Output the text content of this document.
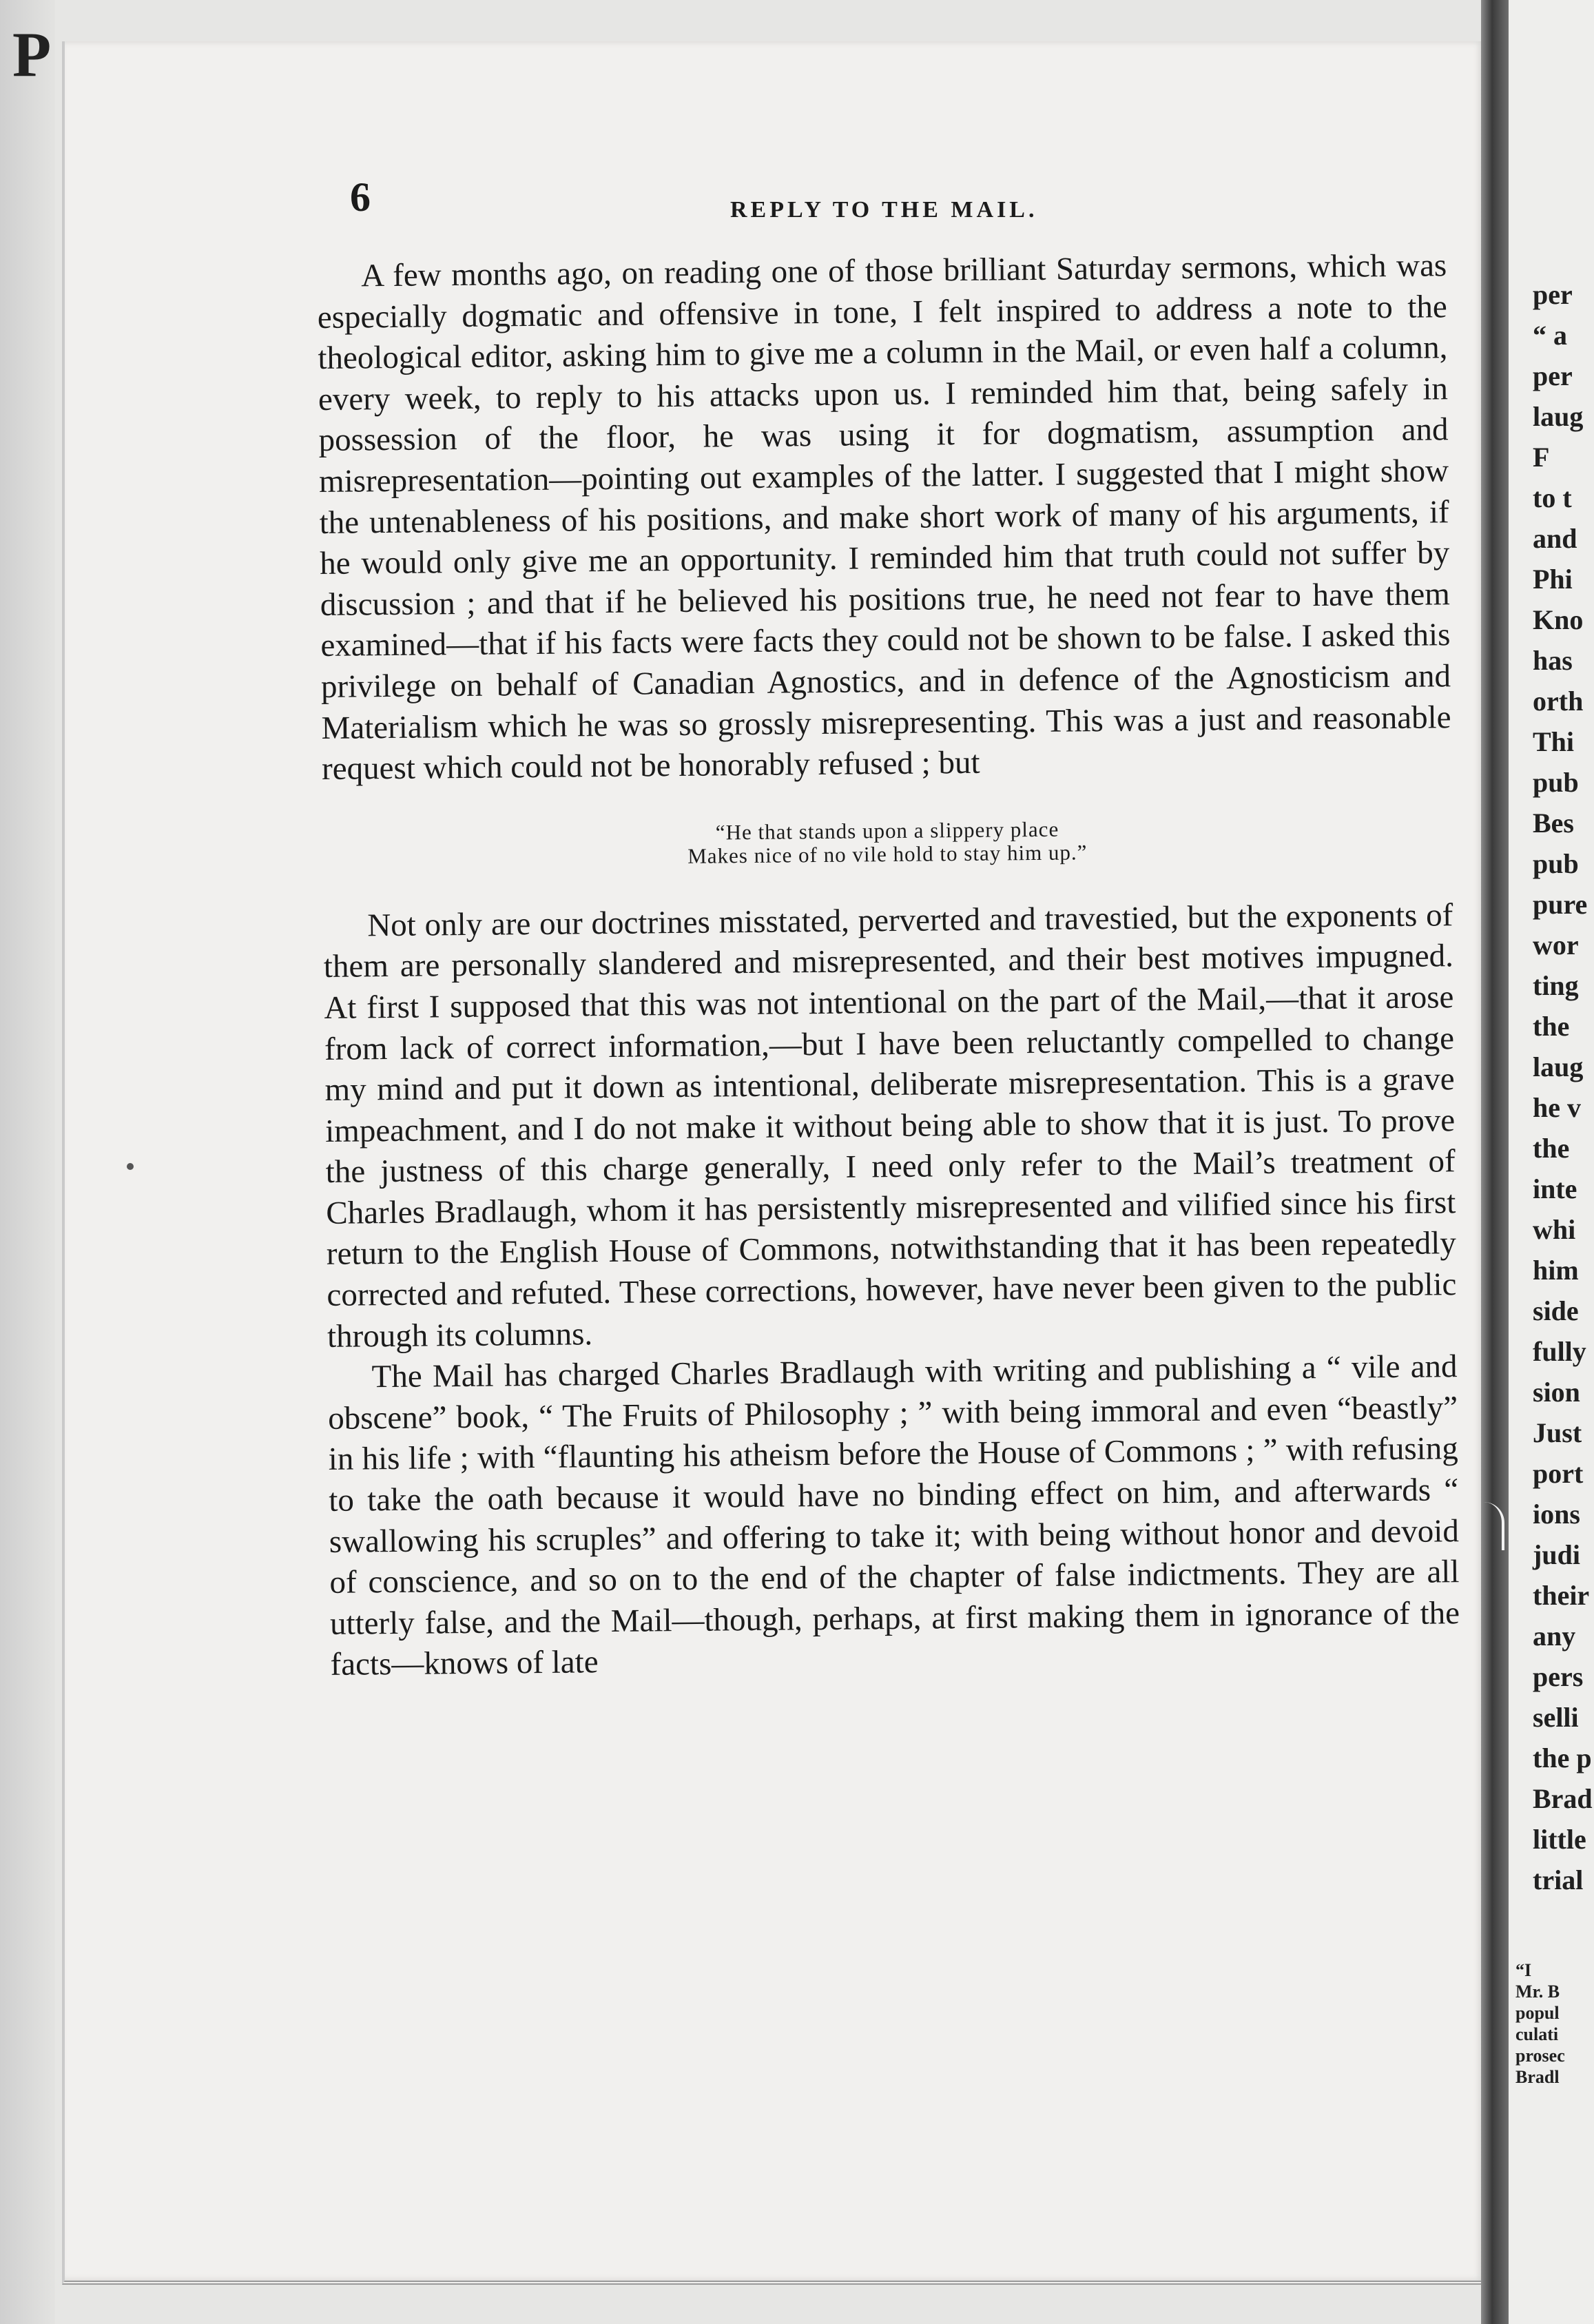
P
6	REPLY TO THE MAIL.

A few months ago, on reading one of those brilliant Saturday sermons, which was especially dogmatic and offensive in tone, I felt inspired to address a note to the theological editor, asking him to give me a column in the Mail, or even half a column, every week, to reply to his attacks upon us. I reminded him that, being safely in possession of the floor, he was using it for dogmatism, assumption and misrepresentation—pointing out examples of the latter. I suggested that I might show the untenableness of his positions, and make short work of many of his arguments, if he would only give me an opportunity. I reminded him that truth could not suffer by discussion ; and that if he believed his positions true, he need not fear to have them examined—that if his facts were facts they could not be shown to be false. I asked this privilege on behalf of Canadian Agnostics, and in defence of the Agnosticism and Materialism which he was so grossly misrepresenting. This was a just and reasonable request which could not be honorably refused ; but

“He that stands upon a slippery place
Makes nice of no vile hold to stay him up.”

Not only are our doctrines misstated, perverted and travestied, but the exponents of them are personally slandered and misrepresented, and their best motives impugned. At first I supposed that this was not intentional on the part of the Mail,—that it arose from lack of correct information,—but I have been reluctantly compelled to change my mind and put it down as intentional, deliberate misrepresentation. This is a grave impeachment, and I do not make it without being able to show that it is just. To prove the justness of this charge generally, I need only refer to the Mail’s treatment of Charles Bradlaugh, whom it has persistently misrepresented and vilified since his first return to the English House of Commons, notwithstanding that it has been repeatedly corrected and refuted. These corrections, however, have never been given to the public through its columns.

The Mail has charged Charles Bradlaugh with writing and publishing a “ vile and obscene” book, “ The Fruits of Philosophy ; ” with being immoral and even “beastly” in his life ; with “flaunting his atheism before the House of Commons ; ” with refusing to take the oath because it would have no binding effect on him, and afterwards “ swallowing his scruples” and offering to take it; with being without honor and devoid of conscience, and so on to the end of the chapter of false indictments. They are all utterly false, and the Mail—though, perhaps, at first making them in ignorance of the facts—knows of late

per
“ a
per
laug
F
to t
and
Phi
Kno
has
orth
Thi
pub
Bes
pub
pure
wor
ting
the
laug
he v
the
inte
whi
him
side
fully
sion
Just
port
ions
judi
their
any
pers
selli
the p
Brad
little
trial
“I
Mr. B
popul
culati
prosec
Bradl
